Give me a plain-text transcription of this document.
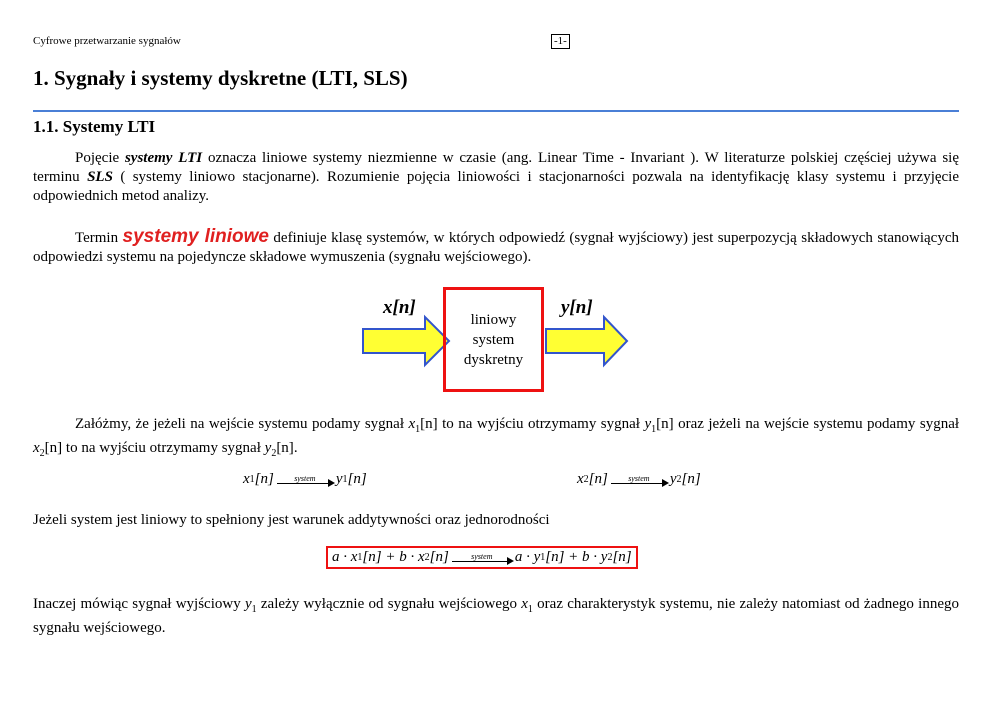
Cyfrowe przetwarzanie sygnałów	-1-
1. Sygnały i systemy dyskretne (LTI, SLS)
1.1. Systemy LTI
Pojęcie systemy LTI oznacza liniowe systemy niezmienne w czasie (ang. Linear Time - Invariant ). W literaturze polskiej częściej używa się terminu SLS ( systemy liniowo stacjonarne). Rozumienie pojęcia liniowości i stacjonarności pozwala na identyfikację klasy systemu i przyjęcie odpowiednich metod analizy.
Termin systemy liniowe definiuje klasę systemów, w których odpowiedź (sygnał wyjściowy) jest superpozycją składowych stanowiących odpowiedzi systemu na pojedyncze składowe wymuszenia (sygnału wejściowego).
x[n]	y[n]
liniowy
system
dyskretny
Załóżmy, że jeżeli na wejście systemu podamy sygnał $x_1[n]$ to na wyjściu otrzymamy sygnał $y_1[n]$ oraz jeżeli na wejście systemu podamy sygnał $x_2[n]$ to na wyjściu otrzymamy sygnał $y_2[n]$.
x 1 [n]	system y 1 [n]	x 2 [n]	system y 2 [n]
Jeżeli system jest liniowy to spełniony jest warunek addytywności oraz jednorodności
a · x 1 [n] + b · x 2 [n]	system a · y 1 [n] + b · y 2 [n]
Inaczej mówiąc sygnał wyjściowy $y_1$ zależy wyłącznie od sygnału wejściowego $x_1$ oraz charakterystyk systemu, nie zależy natomiast od żadnego innego sygnału wejściowego.
